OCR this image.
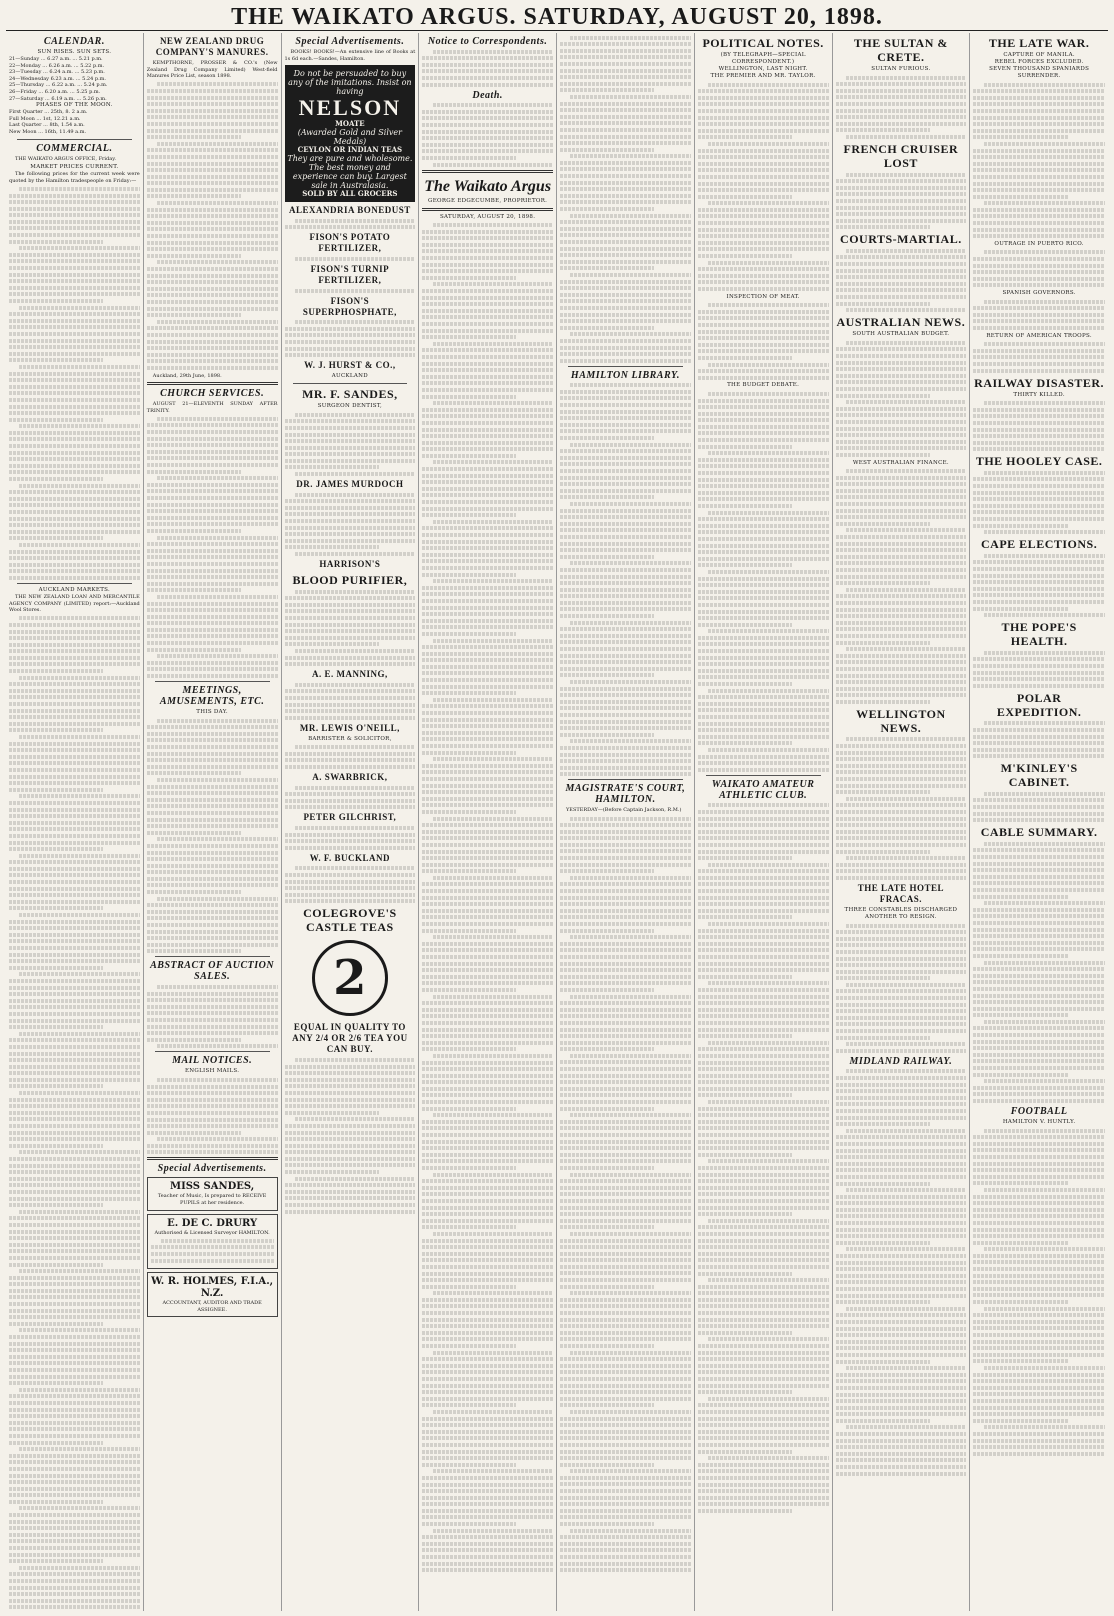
THE WAIKATO ARGUS. SATURDAY, AUGUST 20, 1898.
CALENDAR.
SUN RISES. SUN SETS.
21—Sunday ... 6.27 a.m. ... 5.21 p.m.
22—Monday ... 6.26 a.m. ... 5.22 p.m.
23—Tuesday ... 6.24 a.m. ... 5.23 p.m.
24—Wednesday 6.23 a.m. ... 5.24 p.m.
25—Thursday ... 6.22 a.m. ... 5.24 p.m.
26—Friday ... 6.20 a.m. ... 5.25 p.m.
27—Saturday ... 6.19 a.m. ... 5.26 p.m.
PHASES OF THE MOON.
First Quarter ... 25th, 8. 2 a.m.
Full Moon ... 1st, 12.21 a.m.
Last Quarter ... 8th, 1.54 a.m.
New Moon ... 16th, 11.49 a.m.
COMMERCIAL.

THE WAIKATO ARGUS OFFICE, Friday.

MARKET PRICES CURRENT.

The following prices for the current week were quoted by the Hamilton tradespeople on Friday:—

AUCKLAND MARKETS.

THE NEW ZEALAND LOAN AND MERCANTILE AGENCY COMPANY (LIMITED) report:—Auckland Wool Stores.

NEW ZEALAND DRUG COMPANY'S MANURES.

KEMPTHORNE, PROSSER & CO.'s (New Zealand Drug Company Limited) West-field Manures Price List, season 1898.

Auckland, 29th June, 1898.

CHURCH SERVICES.

AUGUST 21—ELEVENTH SUNDAY AFTER TRINITY.

MEETINGS, AMUSEMENTS, ETC.
THIS DAY.
ABSTRACT OF AUCTION SALES.
MAIL NOTICES.
ENGLISH MAILS.
Special Advertisements.
MISS SANDES,
Teacher of Music, Is prepared to RECEIVE PUPILS at her residence.
E. DE C. DRURY
Authorised & Licensed Surveyor HAMILTON.
W. R. HOLMES, F.I.A., N.Z.
ACCOUNTANT, AUDITOR AND TRADE ASSIGNEE.
Special Advertisements.

BOOKS! BOOKS!—An extensive line of Books at 1s 6d each.—Sandes, Hamilton.

Do not be persuaded to buy any of the imitations. Insist on having
NELSON
MOATE
(Awarded Gold and Silver Medals)
CEYLON OR INDIAN TEAS
They are pure and wholesome. The best money and experience can buy. Largest sale in Australasia.
SOLD BY ALL GROCERS
ALEXANDRIA BONEDUST
FISON'S POTATO FERTILIZER,
FISON'S TURNIP FERTILIZER,
FISON'S SUPERPHOSPHATE,
W. J. HURST & CO.,
AUCKLAND
MR. F. SANDES,
SURGEON DENTIST,
DR. JAMES MURDOCH
HARRISON'S
BLOOD PURIFIER,
A. E. MANNING,
MR. LEWIS O'NEILL,
BARRISTER & SOLICITOR,
A. SWARBRICK,
PETER GILCHRIST,
W. F. BUCKLAND
COLEGROVE'S CASTLE TEAS
2
EQUAL IN QUALITY TO ANY 2/4 OR 2/6 TEA YOU CAN BUY.
Notice to Correspondents.
Death.
The Waikato Argus
GEORGE EDGECUMBE, PROPRIETOR.
SATURDAY, AUGUST 20, 1898.
HAMILTON LIBRARY.
MAGISTRATE'S COURT, HAMILTON.

YESTERDAY—(Before Captain Jackson, R.M.)

POLITICAL NOTES.
(BY TELEGRAPH—SPECIAL CORRESPONDENT.)
WELLINGTON, LAST NIGHT.
THE PREMIER AND MR. TAYLOR.
INSPECTION OF MEAT.
THE BUDGET DEBATE.
WAIKATO AMATEUR ATHLETIC CLUB.
THE SULTAN & CRETE.
SULTAN FURIOUS.
FRENCH CRUISER LOST
COURTS-MARTIAL.
AUSTRALIAN NEWS.
SOUTH AUSTRALIAN BUDGET.
WEST AUSTRALIAN FINANCE.
WELLINGTON NEWS.
THE LATE HOTEL FRACAS.
THREE CONSTABLES DISCHARGED
ANOTHER TO RESIGN.
MIDLAND RAILWAY.
THE LATE WAR.
CAPTURE OF MANILA.
REBEL FORCES EXCLUDED.
SEVEN THOUSAND SPANIARDS SURRENDER.
OUTRAGE IN PUERTO RICO.
SPANISH GOVERNORS.
RETURN OF AMERICAN TROOPS.
RAILWAY DISASTER.
THIRTY KILLED.
THE HOOLEY CASE.
CAPE ELECTIONS.
THE POPE'S HEALTH.
POLAR EXPEDITION.
M'KINLEY'S CABINET.
CABLE SUMMARY.
FOOTBALL
HAMILTON V. HUNTLY.
